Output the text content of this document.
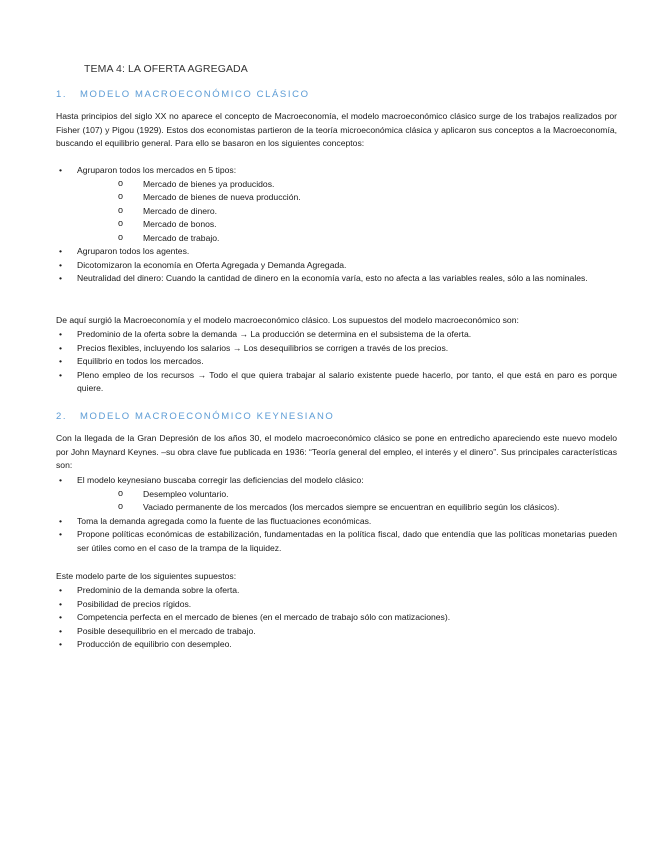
TEMA 4: LA OFERTA AGREGADA
1. MODELO MACROECONÓMICO CLÁSICO
Hasta principios del siglo XX no aparece el concepto de Macroeconomía, el modelo macroeconómico clásico surge de los trabajos realizados por Fisher (107) y Pigou (1929). Estos dos economistas partieron de la teoría microeconómica clásica y aplicaron sus conceptos a la Macroeconomía, buscando el equilibrio general. Para ello se basaron en los siguientes conceptos:
• Agruparon todos los mercados en 5 tipos:
o Mercado de bienes ya producidos.
o Mercado de bienes de nueva producción.
o Mercado de dinero.
o Mercado de bonos.
o Mercado de trabajo.
• Agruparon todos los agentes.
• Dicotomizaron la economía en Oferta Agregada y Demanda Agregada.
• Neutralidad del dinero: Cuando la cantidad de dinero en la economía varía, esto no afecta a las variables reales, sólo a las nominales.
De aquí surgió la Macroeconomía y el modelo macroeconómico clásico. Los supuestos del modelo macroeconómico son:
• Predominio de la oferta sobre la demanda → La producción se determina en el subsistema de la oferta.
• Precios flexibles, incluyendo los salarios → Los desequilibrios se corrigen a través de los precios.
• Equilibrio en todos los mercados.
• Pleno empleo de los recursos → Todo el que quiera trabajar al salario existente puede hacerlo, por tanto, el que está en paro es porque quiere.
2. MODELO MACROECONÓMICO KEYNESIANO
Con la llegada de la Gran Depresión de los años 30, el modelo macroeconómico clásico se pone en entredicho apareciendo este nuevo modelo por John Maynard Keynes. –su obra clave fue publicada en 1936: “Teoría general del empleo, el interés y el dinero”. Sus principales características son:
• El modelo keynesiano buscaba corregir las deficiencias del modelo clásico:
o Desempleo voluntario.
o Vaciado permanente de los mercados (los mercados siempre se encuentran en equilibrio según los clásicos).
• Toma la demanda agregada como la fuente de las fluctuaciones económicas.
• Propone políticas económicas de estabilización, fundamentadas en la política fiscal, dado que entendía que las políticas monetarias pueden ser útiles como en el caso de la trampa de la liquidez.
Este modelo parte de los siguientes supuestos:
• Predominio de la demanda sobre la oferta.
• Posibilidad de precios rígidos.
• Competencia perfecta en el mercado de bienes (en el mercado de trabajo sólo con matizaciones).
• Posible desequilibrio en el mercado de trabajo.
• Producción de equilibrio con desempleo.
